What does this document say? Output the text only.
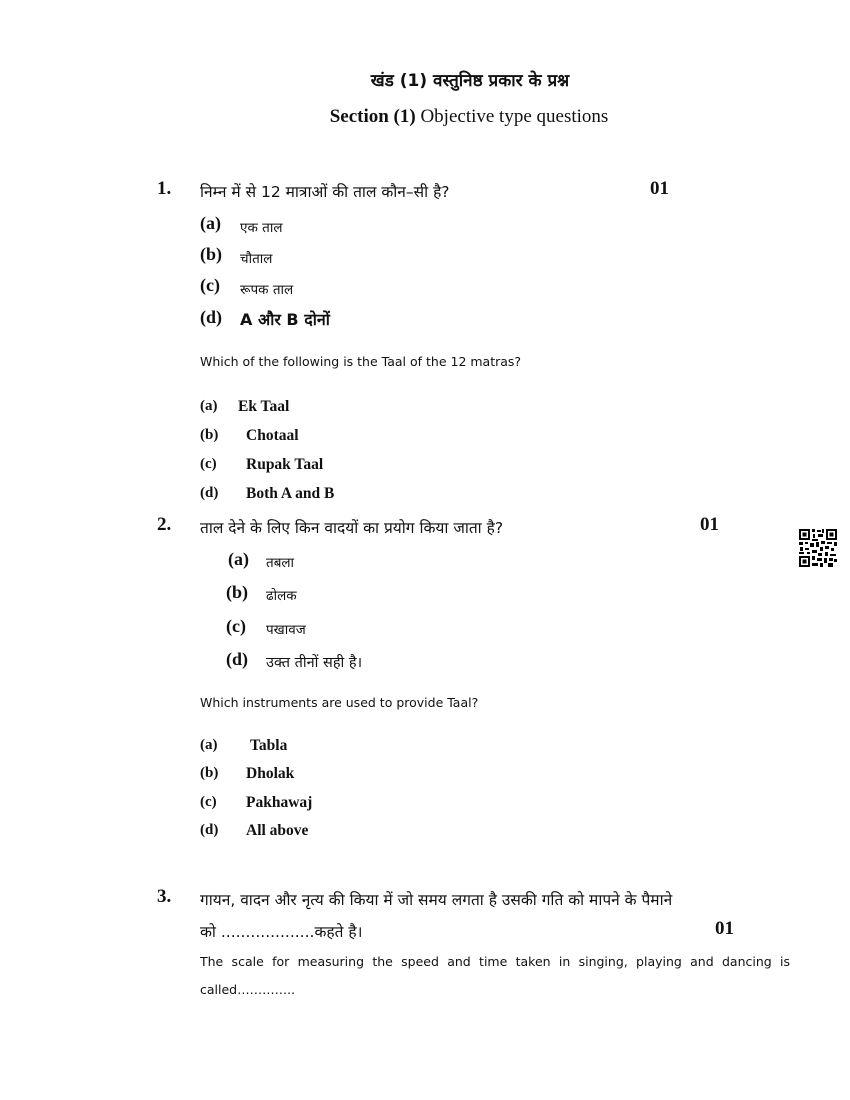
खंड (1) वस्तुनिष्ठ प्रकार के प्रश्न
Section (1) Objective type questions
1. निम्न में से 12 मात्राओं की ताल कौन–सी है?	01
(a) एक ताल
(b) चौताल
(c) रूपक ताल
(d) A और B दोनों
Which of the following is the Taal of the 12 matras?
(a) Ek Taal
(b) Chotaal
(c) Rupak Taal
(d) Both A and B
2. ताल देने के लिए किन वादयों का प्रयोग किया जाता है?	01
(a) तबला
(b) ढोलक
(c) पखावज
(d) उक्त तीनों सही है।
Which instruments are used to provide Taal?
(a) Tabla
(b) Dholak
(c) Pakhawaj
(d) All above
3. गायन, वादन और नृत्य की किया में जो समय लगता है उसकी गति को मापने के पैमाने
को ...................कहते है।	01
The scale for measuring the speed and time taken in singing, playing and dancing is
called…………..
